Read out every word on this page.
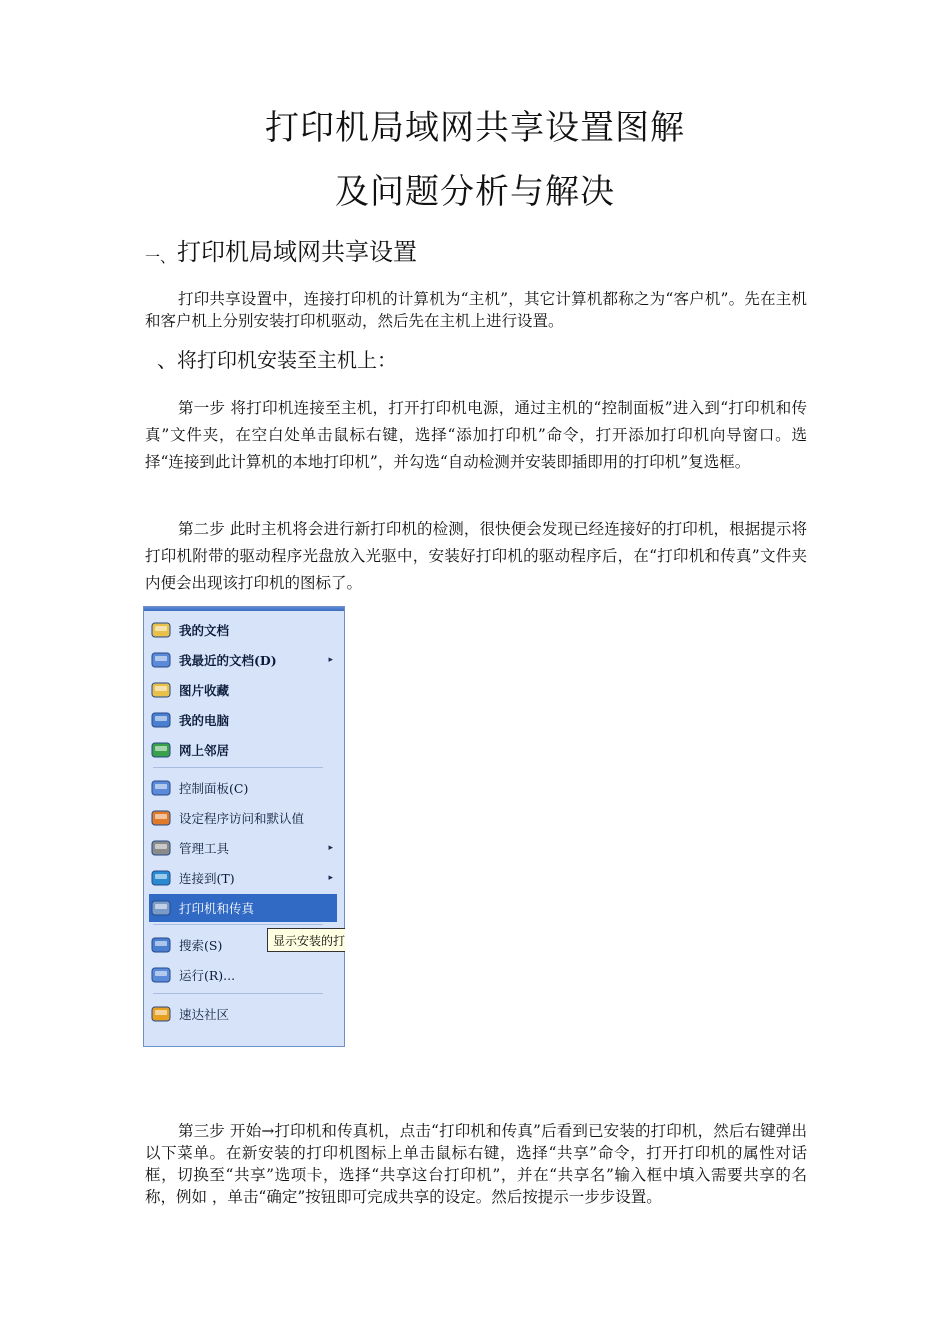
打印机局域网共享设置图解
及问题分析与解决
一、 打印机局域网共享设置
打印共享设置中，连接打印机的计算机为“主机”，其它计算机都称之为“客户机”。先在主机和客户机上分别安装打印机驱动，然后先在主机上进行设置。
、将打印机安装至主机上：
第一步 将打印机连接至主机，打开打印机电源，通过主机的“控制面板”进入到“打印机和传真”文件夹，在空白处单击鼠标右键，选择“添加打印机”命令，打开添加打印机向导窗口。选择“连接到此计算机的本地打印机”，并勾选“自动检测并安装即插即用的打印机”复选框。
第二步 此时主机将会进行新打印机的检测，很快便会发现已经连接好的打印机，根据提示将打印机附带的驱动程序光盘放入光驱中，安装好打印机的驱动程序后，在“打印机和传真”文件夹内便会出现该打印机的图标了。
我的文档
我最近的文档(D)	▸
图片收藏
我的电脑
网上邻居
控制面板(C)
设定程序访问和默认值
管理工具	▸
连接到(T)	▸
打印机和传真
搜索(S)
运行(R)...
速达社区
显示安装的打
第三步 开始→打印机和传真机，点击“打印机和传真”后看到已安装的打印机，然后右键弹出以下菜单。在新安装的打印机图标上单击鼠标右键，选择“共享”命令，打开打印机的属性对话框，切换至“共享”选项卡，选择“共享这台打印机”，并在“共享名”输入框中填入需要共享的名称，例如 ，单击“确定”按钮即可完成共享的设定。然后按提示一步步设置。
